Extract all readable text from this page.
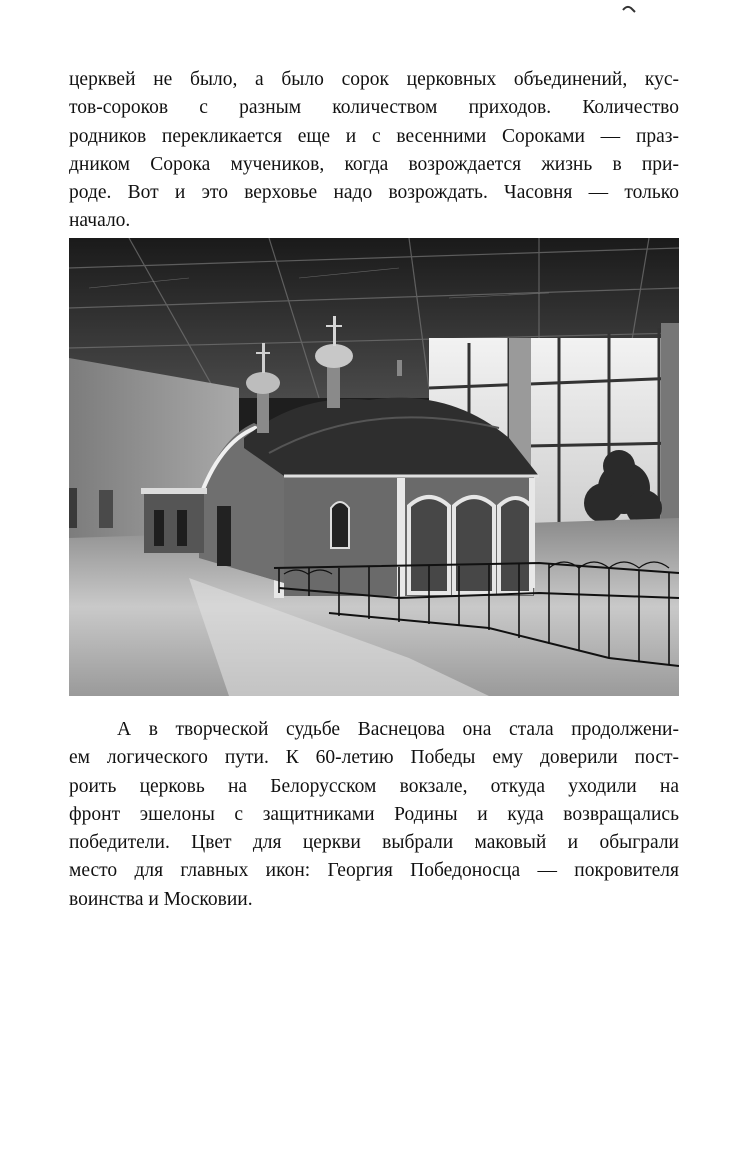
церквей не было, а было сорок церковных объединений, кус-
тов-сороков с разным количеством приходов. Количество
родников перекликается еще и с весенними Сороками — праз-
дником Сорока мучеников, когда возрождается жизнь в при-
роде. Вот и это верховье надо возрождать. Часовня — только
начало.
А в творческой судьбе Васнецова она стала продолжени-
ем логического пути. К 60-летию Победы ему доверили пост-
роить церковь на Белорусском вокзале, откуда уходили на
фронт эшелоны с защитниками Родины и куда возвращались
победители. Цвет для церкви выбрали маковый и обыграли
место для главных икон: Георгия Победоносца — покровителя
воинства и Московии.
